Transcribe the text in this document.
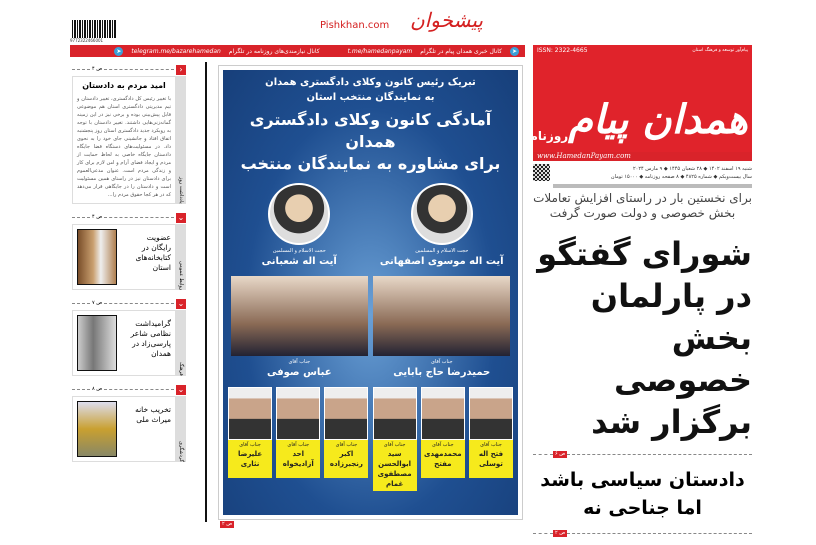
9772322466001
پیشخوان
Pishkhan.com
➤
کانال خبری همدان پیام در تلگرام
t.me/hamedanpayam
کانال نیازمندی‌های روزنامه در تلگرام
telegram.me/bazarehamedan
➤	پیام‌آور توسعه و فرهنگ استان
ISSN: 2322-4665
همدان پیام
روزنامه
www.HamedanPayam.com
شنبه ۱۹ اسفند ۱۴۰۲ ◆ ۲۸ شعبان ۱۴۴۵ ◆ ۹ مارس ۲۰۲۴
سال بیست‌ویکم ◆ شماره ۴۸۲۵ ◆ ۸ صفحه روزنامه ◆ ۱۵۰۰۰ تومان
برای نخستین بار در راستای افزایش تعاملات بخش خصوصی و دولت صورت گرفت
شورای گفتگو در پارلمان بخش خصوصی برگزار شد
ص ۶
دادستان سیاسی باشد اما جناحی نه
ص ۲
تبریک رئیس کانون وکلای دادگستری همدان
به نمایندگان منتخب استان
آمادگی کانون وکلای دادگستری همدان
برای مشاوره به نمایندگان منتخب
حجت الاسلام و المسلمین
آیت اله موسوی اصفهانی
حجت الاسلام و المسلمین
آیت اله شعبانی
جناب آقای
حمیدرضا حاج بابایی
جناب آقای
عباس صوفی
جناب آقای
فتح اله توسلی
جناب آقای
محمدمهدی مفتح
جناب آقای
سید ابوالحسن مصطفوی غمام
جناب آقای
اکبر رنجبرزاده
جناب آقای
احد آزادیخواه
جناب آقای
علیرضا نثاری
ص ۲
‹
ص ۴
یادداشت روز
امید مردم به دادستان

با تغییر رئیس کل دادگستری، تغییر دادستان و تیم مدیریتی دادگستری استان هم موضوعی قابل پیش‌بینی بوده و برخی نیز در این زمینه گمانه‌زنی‌هایی داشتند. تغییر دادستان با توجه به رویکرد جدید دادگستری استان روز پنجشنبه اتفاق افتاد و جانشینی جای خود را به نحوی داد. در مسئولیت‌های دستگاه قضا جایگاه دادستان جایگاه خاصی به لحاظ حمایت از مردم و ایجاد فضای آرام و امن لازم برای کار و زندگی مردم است. عنوان مدعی‌العموم برای دادستان نیز در راستای همین مسئولیت است و دادستان را در جایگاهی قرار می‌دهد که در هر کجا حقوق مردم را...

⌄
ص ۴
روابط عمومی
عضویت رایگان در کتابخانه‌های استان
⌄
ص ۷
فرهنگ
گرامیداشت نظامی شاعر پارسی‌زاد در همدان
⌄
ص ۸
گردشگری
تخریب خانه میراث ملی
